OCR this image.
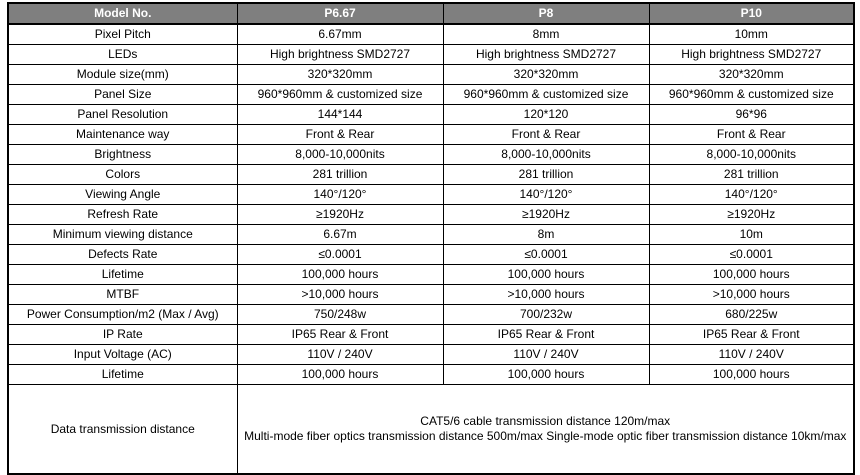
Model No.	P6.67	P8	P10
Pixel Pitch	6.67mm	8mm	10mm
LEDs	High brightness SMD2727	High brightness SMD2727	High brightness SMD2727
Module size(mm)	320*320mm	320*320mm	320*320mm
Panel Size	960*960mm & customized size	960*960mm & customized size	960*960mm & customized size
Panel Resolution	144*144	120*120	96*96
Maintenance way	Front & Rear	Front & Rear	Front & Rear
Brightness	8,000-10,000nits	8,000-10,000nits	8,000-10,000nits
Colors	281 trillion	281 trillion	281 trillion
Viewing Angle	140°/120°	140°/120°	140°/120°
Refresh Rate	≥1920Hz	≥1920Hz	≥1920Hz
Minimum viewing distance	6.67m	8m	10m
Defects Rate	≤0.0001	≤0.0001	≤0.0001
Lifetime	100,000 hours	100,000 hours	100,000 hours
MTBF	>10,000 hours	>10,000 hours	>10,000 hours
Power Consumption/m2 (Max / Avg)	750/248w	700/232w	680/225w
IP Rate	IP65 Rear & Front	IP65 Rear & Front	IP65 Rear & Front
Input Voltage (AC)	110V / 240V	110V / 240V	110V / 240V
Lifetime	100,000 hours	100,000 hours	100,000 hours
Data transmission distance	CAT5/6 cable transmission distance 120m/max

Multi-mode fiber optics transmission distance 500m/max Single-mode optic fiber transmission distance 10km/max		
